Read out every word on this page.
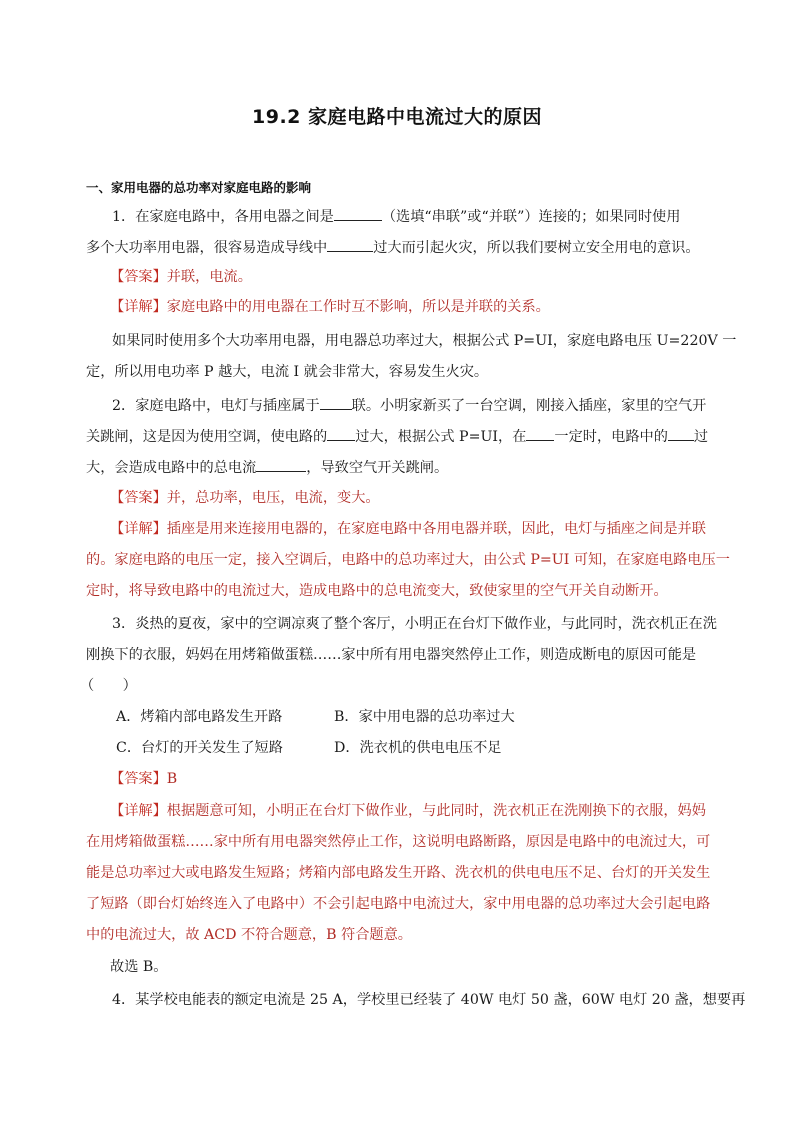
19.2 家庭电路中电流过大的原因
一、家用电器的总功率对家庭电路的影响
1．在家庭电路中，各用电器之间是	（选填“串联”或“并联”）连接的；如果同时使用
多个大功率用电器，很容易造成导线中	过大而引起火灾，所以我们要树立安全用电的意识。
【答案】并联，电流。
【详解】家庭电路中的用电器在工作时互不影响，所以是并联的关系。
如果同时使用多个大功率用电器，用电器总功率过大，根据公式 P=UI，家庭电路电压 U=220V 一
定，所以用电功率 P 越大，电流 I 就会非常大，容易发生火灾。
2．家庭电路中，电灯与插座属于 联。小明家新买了一台空调，刚接入插座，家里的空气开
关跳闸，这是因为使用空调，使电路的 过大，根据公式 P=UI，在 一定时，电路中的 过
大，会造成电路中的总电流	，导致空气开关跳闸。
【答案】并，总功率，电压，电流，变大。
【详解】插座是用来连接用电器的，在家庭电路中各用电器并联，因此，电灯与插座之间是并联
的。家庭电路的电压一定，接入空调后，电路中的总功率过大，由公式 P=UI 可知，在家庭电路电压一
定时，将导致电路中的电流过大，造成电路中的总电流变大，致使家里的空气开关自动断开。
3．炎热的夏夜，家中的空调凉爽了整个客厅，小明正在台灯下做作业，与此同时，洗衣机正在洗
刚换下的衣服，妈妈在用烤箱做蛋糕……家中所有用电器突然停止工作，则造成断电的原因可能是
（　　）
A．烤箱内部电路发生开路	B．家中用电器的总功率过大
C．台灯的开关发生了短路	D．洗衣机的供电电压不足
【答案】B
【详解】根据题意可知，小明正在台灯下做作业，与此同时，洗衣机正在洗刚换下的衣服，妈妈
在用烤箱做蛋糕……家中所有用电器突然停止工作，这说明电路断路，原因是电路中的电流过大，可
能是总功率过大或电路发生短路；烤箱内部电路发生开路、洗衣机的供电电压不足、台灯的开关发生
了短路（即台灯始终连入了电路中）不会引起电路中电流过大，家中用电器的总功率过大会引起电路
中的电流过大，故 ACD 不符合题意，B 符合题意。
故选 B。
4．某学校电能表的额定电流是 25 A，学校里已经装了 40W 电灯 50 盏，60W 电灯 20 盏，想要再
